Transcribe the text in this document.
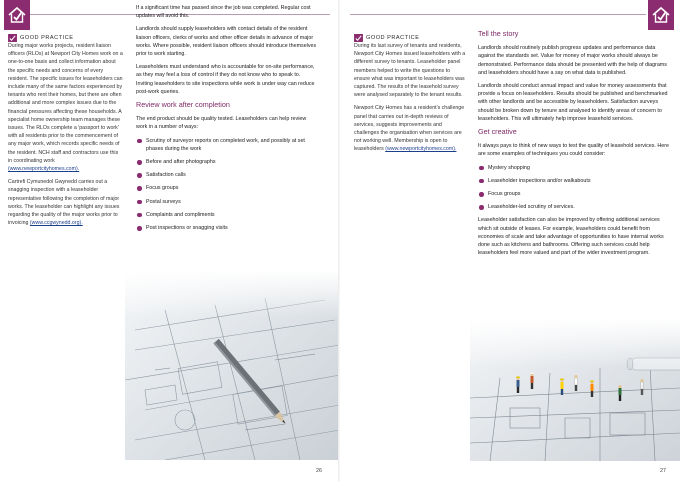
GOOD PRACTICE

During major works projects, resident liaison officers (RLOs) at Newport City Homes work on a one-to-one basis and collect information about the specific needs and concerns of every resident. The specific issues for leaseholders can include many of the same factors experienced by tenants who rent their homes, but there are often additional and more complex issues due to the financial pressures affecting these households. A specialist home ownership team manages these issues. The RLOs complete a 'passport to work' with all residents prior to the commencement of any major work, which records specific needs of the resident. NCH staff and contractors use this in coordinating work (www.newportcityhomes.com).

Cartrefi Cymunedol Gwynedd carries out a snagging inspection with a leaseholder representative following the completion of major works. The leaseholder can highlight any issues regarding the quality of the major works prior to invoicing (www.ccgwynedd.org).

If a significant time has passed since the job was completed. Regular cost updates will avoid this.

Landlords should supply leaseholders with contact details of the resident liaison officers, clerks of works and other officer details in advance of major works. Where possible, resident liaison officers should introduce themselves prior to work starting.

Leaseholders must understand who is accountable for on-site performance, as they may feel a loss of control if they do not know who to speak to. Inviting leaseholders to site inspections while work is under way can reduce post-work queries.

Review work after completion

The end product should be quality tested. Leaseholders can help review work in a number of ways:

Scrutiny of surveyor reports on completed work, and possibly at set phases during the work
Before and after photographs
Satisfaction calls
Focus groups
Postal surveys
Complaints and compliments
Post inspections or snagging visits
26
GOOD PRACTICE

During its last survey of tenants and residents, Newport City Homes issued leaseholders with a different survey to tenants. Leaseholder panel members helped to write the questions to ensure what was important to leaseholders was captured. The results of the leasehold survey were analysed separately to the tenant results.

Newport City Homes has a resident's challenge panel that carries out in-depth reviews of services, suggests improvements and challenges the organisation when services are not working well. Membership is open to leaseholders (www.newportcityhomes.com).

Tell the story

Landlords should routinely publish progress updates and performance data against the standards set. Value for money of major works should always be demonstrated. Performance data should be presented with the help of diagrams and leaseholders should have a say on what data is published.

Landlords should conduct annual impact and value for money assessments that provide a focus on leaseholders. Results should be published and benchmarked with other landlords and be accessible by leaseholders. Satisfaction surveys should be broken down by tenure and analysed to identify areas of concern to leaseholders. This will ultimately help improve leasehold services.

Get creative

It always pays to think of new ways to test the quality of leasehold services. Here are some examples of techniques you could consider:

Mystery shopping
Leaseholder inspections and/or walkabouts
Focus groups
Leaseholder-led scrutiny of services.

Leaseholder satisfaction can also be improved by offering additional services which sit outside of leases. For example, leaseholders could benefit from economies of scale and take advantage of opportunities to have internal works done such as kitchens and bathrooms. Offering such services could help leaseholders feel more valued and part of the wider investment program.

27
